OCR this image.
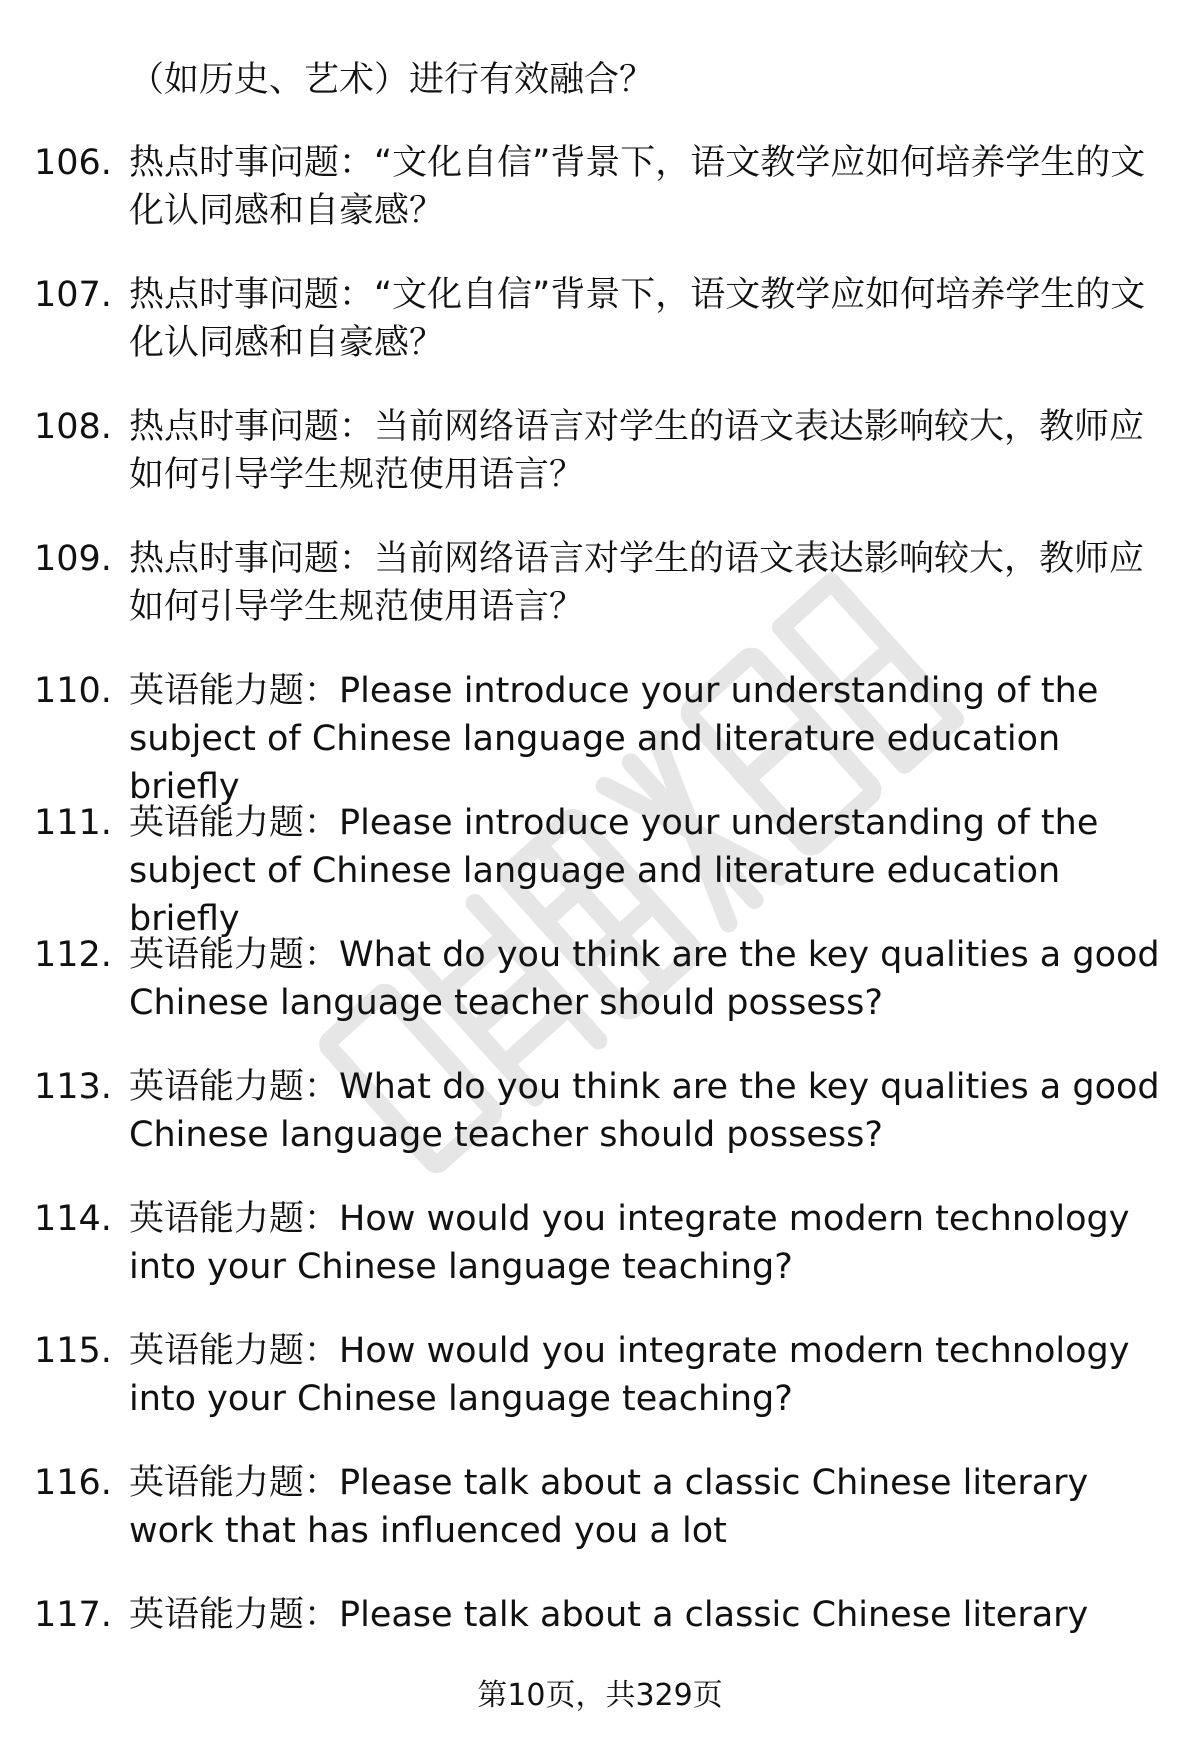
（如历史、艺术）进行有效融合？
106. 热点时事问题：“文化自信”背景下，语文教学应如何培养学生的文化认同感和自豪感？
107. 热点时事问题：“文化自信”背景下，语文教学应如何培养学生的文化认同感和自豪感？
108. 热点时事问题：当前网络语言对学生的语文表达影响较大，教师应如何引导学生规范使用语言？
109. 热点时事问题：当前网络语言对学生的语文表达影响较大，教师应如何引导学生规范使用语言？
110. 英语能力题：Please introduce your understanding of the subject of Chinese language and literature education briefly
111. 英语能力题：Please introduce your understanding of the subject of Chinese language and literature education briefly
112. 英语能力题：What do you think are the key qualities a good Chinese language teacher should possess?
113. 英语能力题：What do you think are the key qualities a good Chinese language teacher should possess?
114. 英语能力题：How would you integrate modern technology into your Chinese language teaching?
115. 英语能力题：How would you integrate modern technology into your Chinese language teaching?
116. 英语能力题：Please talk about a classic Chinese literary work that has influenced you a lot
117. 英语能力题：Please talk about a classic Chinese literary
第10页，共329页
